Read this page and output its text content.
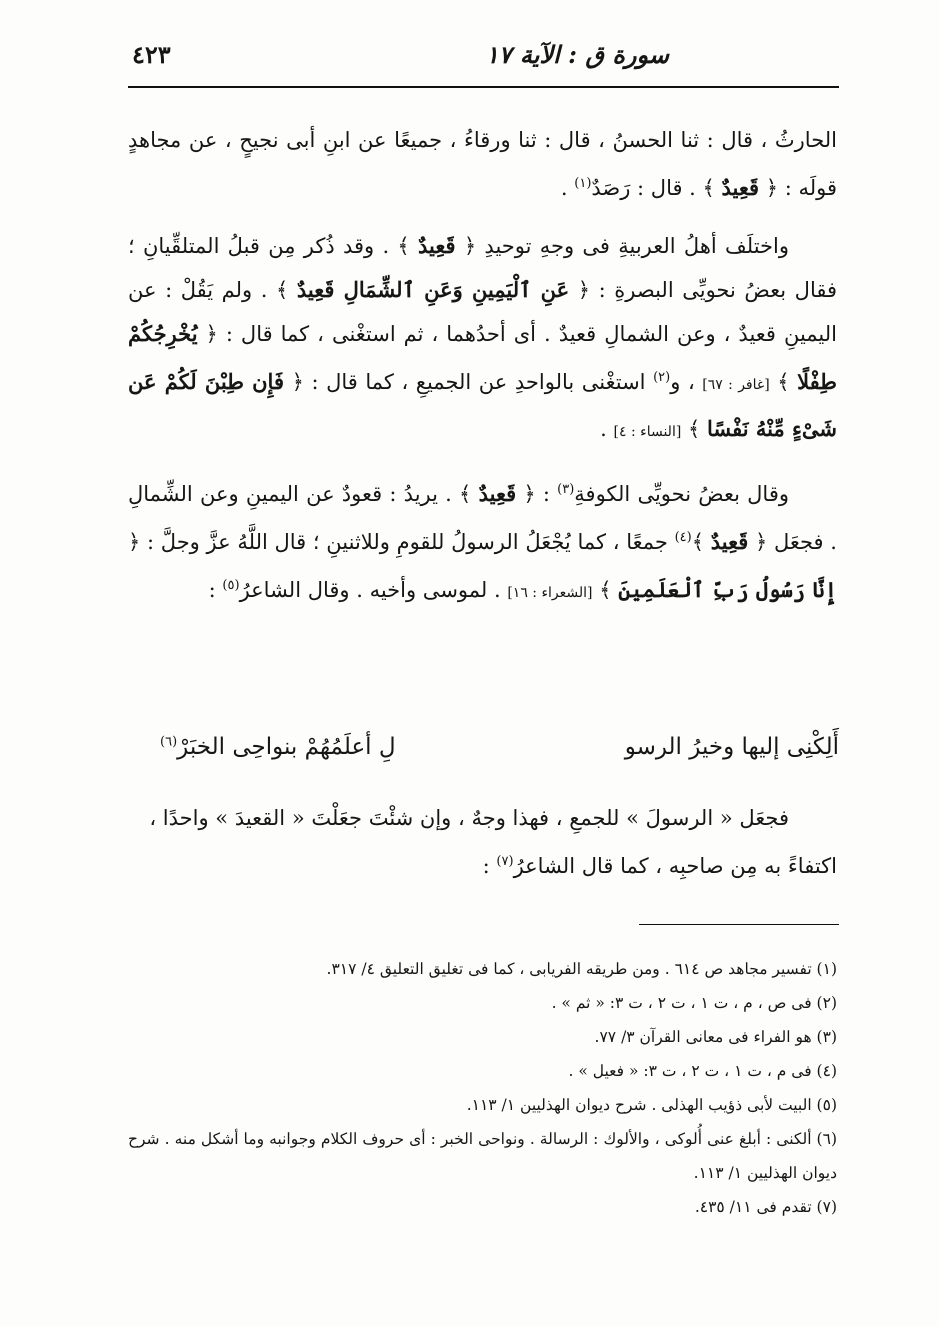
سورة ق : الآية ١٧
٤٢٣

الحارثُ ، قال : ثنا الحسنُ ، قال : ثنا ورقاءُ ، جميعًا عن ابنِ أبى نجيحٍ ، عن مجاهدٍ قولَه : ﴿ قَعِيدٌ ﴾ . قال : رَصَدٌ$^{(١)}$ .

واختلَف أهلُ العربيةِ فى وجهِ توحيدِ ﴿ قَعِيدٌ ﴾ . وقد ذُكر مِن قبلُ المتلقِّيانِ ؛ فقال بعضُ نحويِّى البصرةِ : ﴿ عَنِ ٱلْيَمِينِ وَعَنِ ٱلشِّمَالِ قَعِيدٌ ﴾ . ولم يَقُلْ : عن اليمينِ قعيدٌ ، وعن الشمالِ قعيدٌ . أى أحدُهما ، ثم استغْنى ، كما قال : ﴿ يُخْرِجُكُمْ طِفْلًا ﴾ [غافر : ٦٧] ، و$^{(٢)}$ استغْنى بالواحدِ عن الجميعِ ، كما قال : ﴿ فَإِن طِبْنَ لَكُمْ عَن شَىْءٍ مِّنْهُ نَفْسًا ﴾ [النساء : ٤] .

وقال بعضُ نحويِّى الكوفةِ$^{(٣)}$ : ﴿ قَعِيدٌ ﴾ . يريدُ : قعودٌ عن اليمينِ وعن الشِّمالِ . فجعَل ﴿ قَعِيدٌ ﴾$^{(٤)}$ جمعًا ، كما يُجْعَلُ الرسولُ للقومِ وللاثنينِ ؛ قال اللَّهُ عزَّ وجلَّ : ﴿ إِنَّا رَسُولُ رَبِّ ٱلْعَلَمِينَ ﴾ [الشعراء : ١٦] . لموسى وأخيه . وقال الشاعرُ$^{(٥)}$ :

أَلِكْنِى إليها وخيرُ الرسو
لِ أعلَمُهُمْ بنواحِى الخبَرْ$^{(٦)}$

فجعَل « الرسولَ » للجمعِ ، فهذا وجهٌ ، وإن شئْتَ جعَلْتَ « القعيدَ » واحدًا ، اكتفاءً به مِن صاحبِه ، كما قال الشاعرُ$^{(٧)}$ :

(١) تفسير مجاهد ص ٦١٤ . ومن طريقه الفريابى ، كما فى تغليق التعليق ٤/ ٣١٧.

(٢) فى ص ، م ، ت ١ ، ت ٢ ، ت ٣: « ثم » .

(٣) هو الفراء فى معانى القرآن ٣/ ٧٧.

(٤) فى م ، ت ١ ، ت ٢ ، ت ٣: « فعيل » .

(٥) البيت لأبى ذؤيب الهذلى . شرح ديوان الهذليين ١/ ١١٣.

(٦) ألكنى : أبلغ عنى أُلوكى ، والألوك : الرسالة . ونواحى الخبر : أى حروف الكلام وجوانبه وما أشكل منه . شرح ديوان الهذليين ١/ ١١٣.

(٧) تقدم فى ١١/ ٤٣٥.
